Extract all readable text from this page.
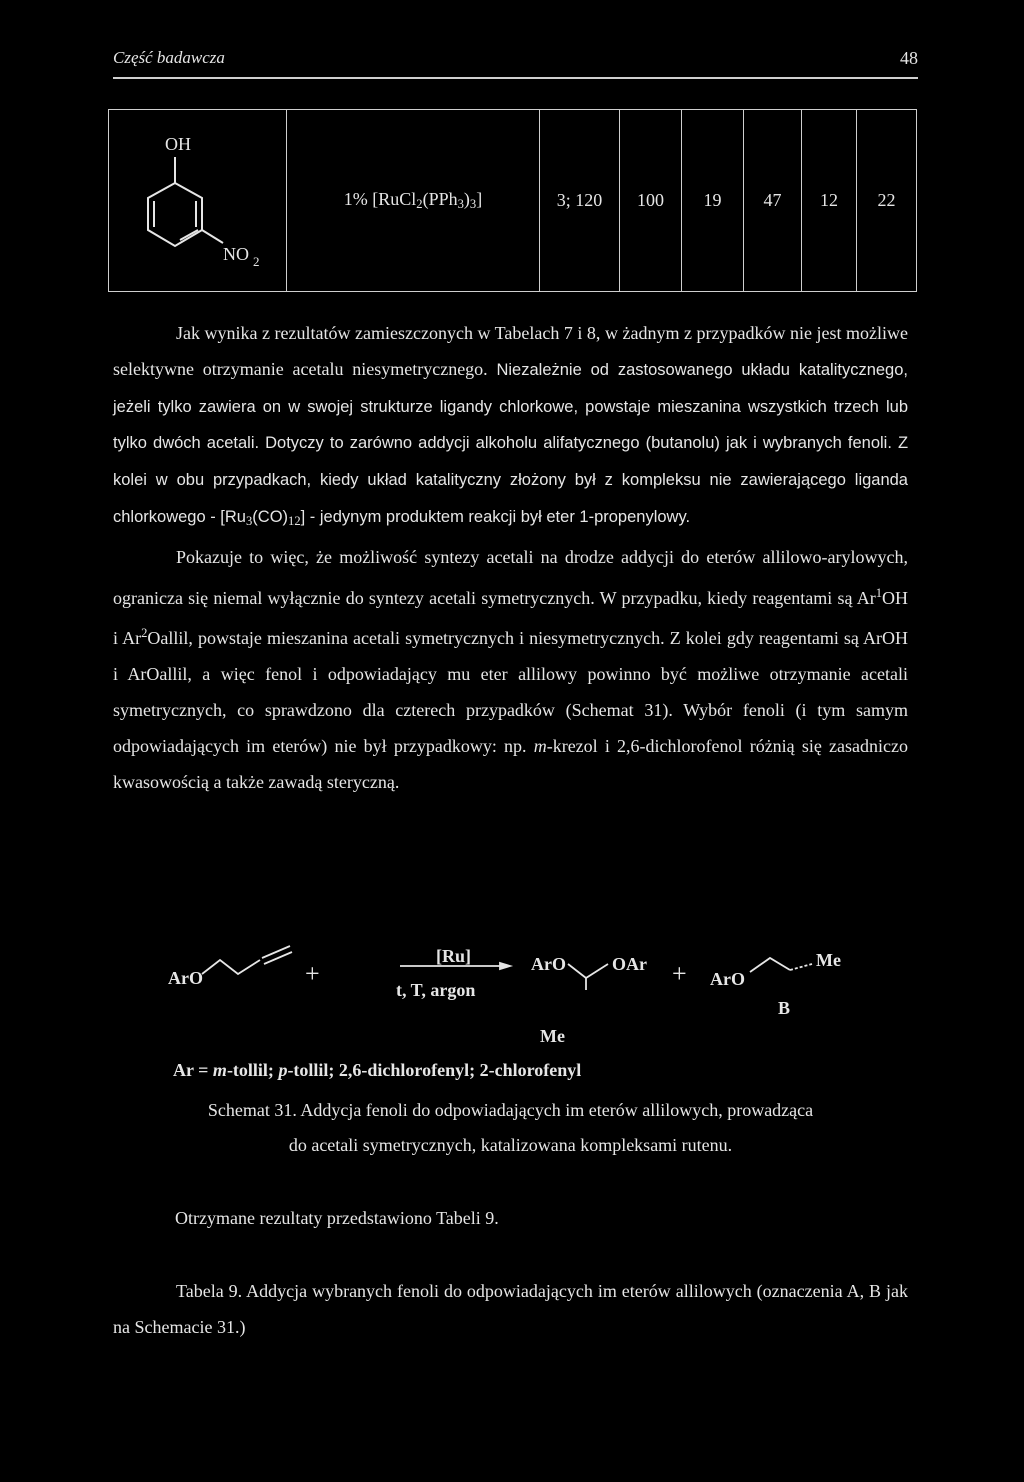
Część badawcza	48
OH
NO 2
	1% $[RuCl_2(PPh_3)_3]$	3; 120	100	19	47	12	22

Jak wynika z rezultatów zamieszczonych w Tabelach 7 i 8, w żadnym z przypadków nie jest możliwe selektywne otrzymanie acetalu niesymetrycznego. Niezależnie od zastosowanego układu katalitycznego, jeżeli tylko zawiera on w swojej strukturze ligandy chlorkowe, powstaje mieszanina wszystkich trzech lub tylko dwóch acetali. Dotyczy to zarówno addycji alkoholu alifatycznego (butanolu) jak i wybranych fenoli. Z kolei w obu przypadkach, kiedy układ katalityczny złożony był z kompleksu nie zawierającego liganda chlorkowego - $[Ru_3(CO)_{12}]$ - jedynym produktem reakcji był eter 1-propenylowy.

Pokazuje to więc, że możliwość syntezy acetali na drodze addycji do eterów allilowo-arylowych, ogranicza się niemal wyłącznie do syntezy acetali symetrycznych. W przypadku, kiedy reagentami są Ar$^1$OH i Ar$^2$Oallil, powstaje mieszanina acetali symetrycznych i niesymetrycznych. Z kolei gdy reagentami są ArOH i ArOallil, a więc fenol i odpowiadający mu eter allilowy powinno być możliwe otrzymanie acetali symetrycznych, co sprawdzono dla czterech przypadków (Schemat 31). Wybór fenoli (i tym samym odpowiadających im eterów) nie był przypadkowy: np. m-krezol i 2,6-dichlorofenol różnią się zasadniczo kwasowością a także zawadą steryczną.

ArO	+
[Ru]
t, T, argon
ArO	OAr
Me
+ ArO
Me
B
Ar = m-tollil; p-tollil; 2,6-dichlorofenyl; 2-chlorofenyl

Schemat 31. Addycja fenoli do odpowiadających im eterów allilowych, prowadząca

do acetali symetrycznych, katalizowana kompleksami rutenu.

Otrzymane rezultaty przedstawiono Tabeli 9.

Tabela 9. Addycja wybranych fenoli do odpowiadających im eterów allilowych (oznaczenia A, B jak na Schemacie 31.)
